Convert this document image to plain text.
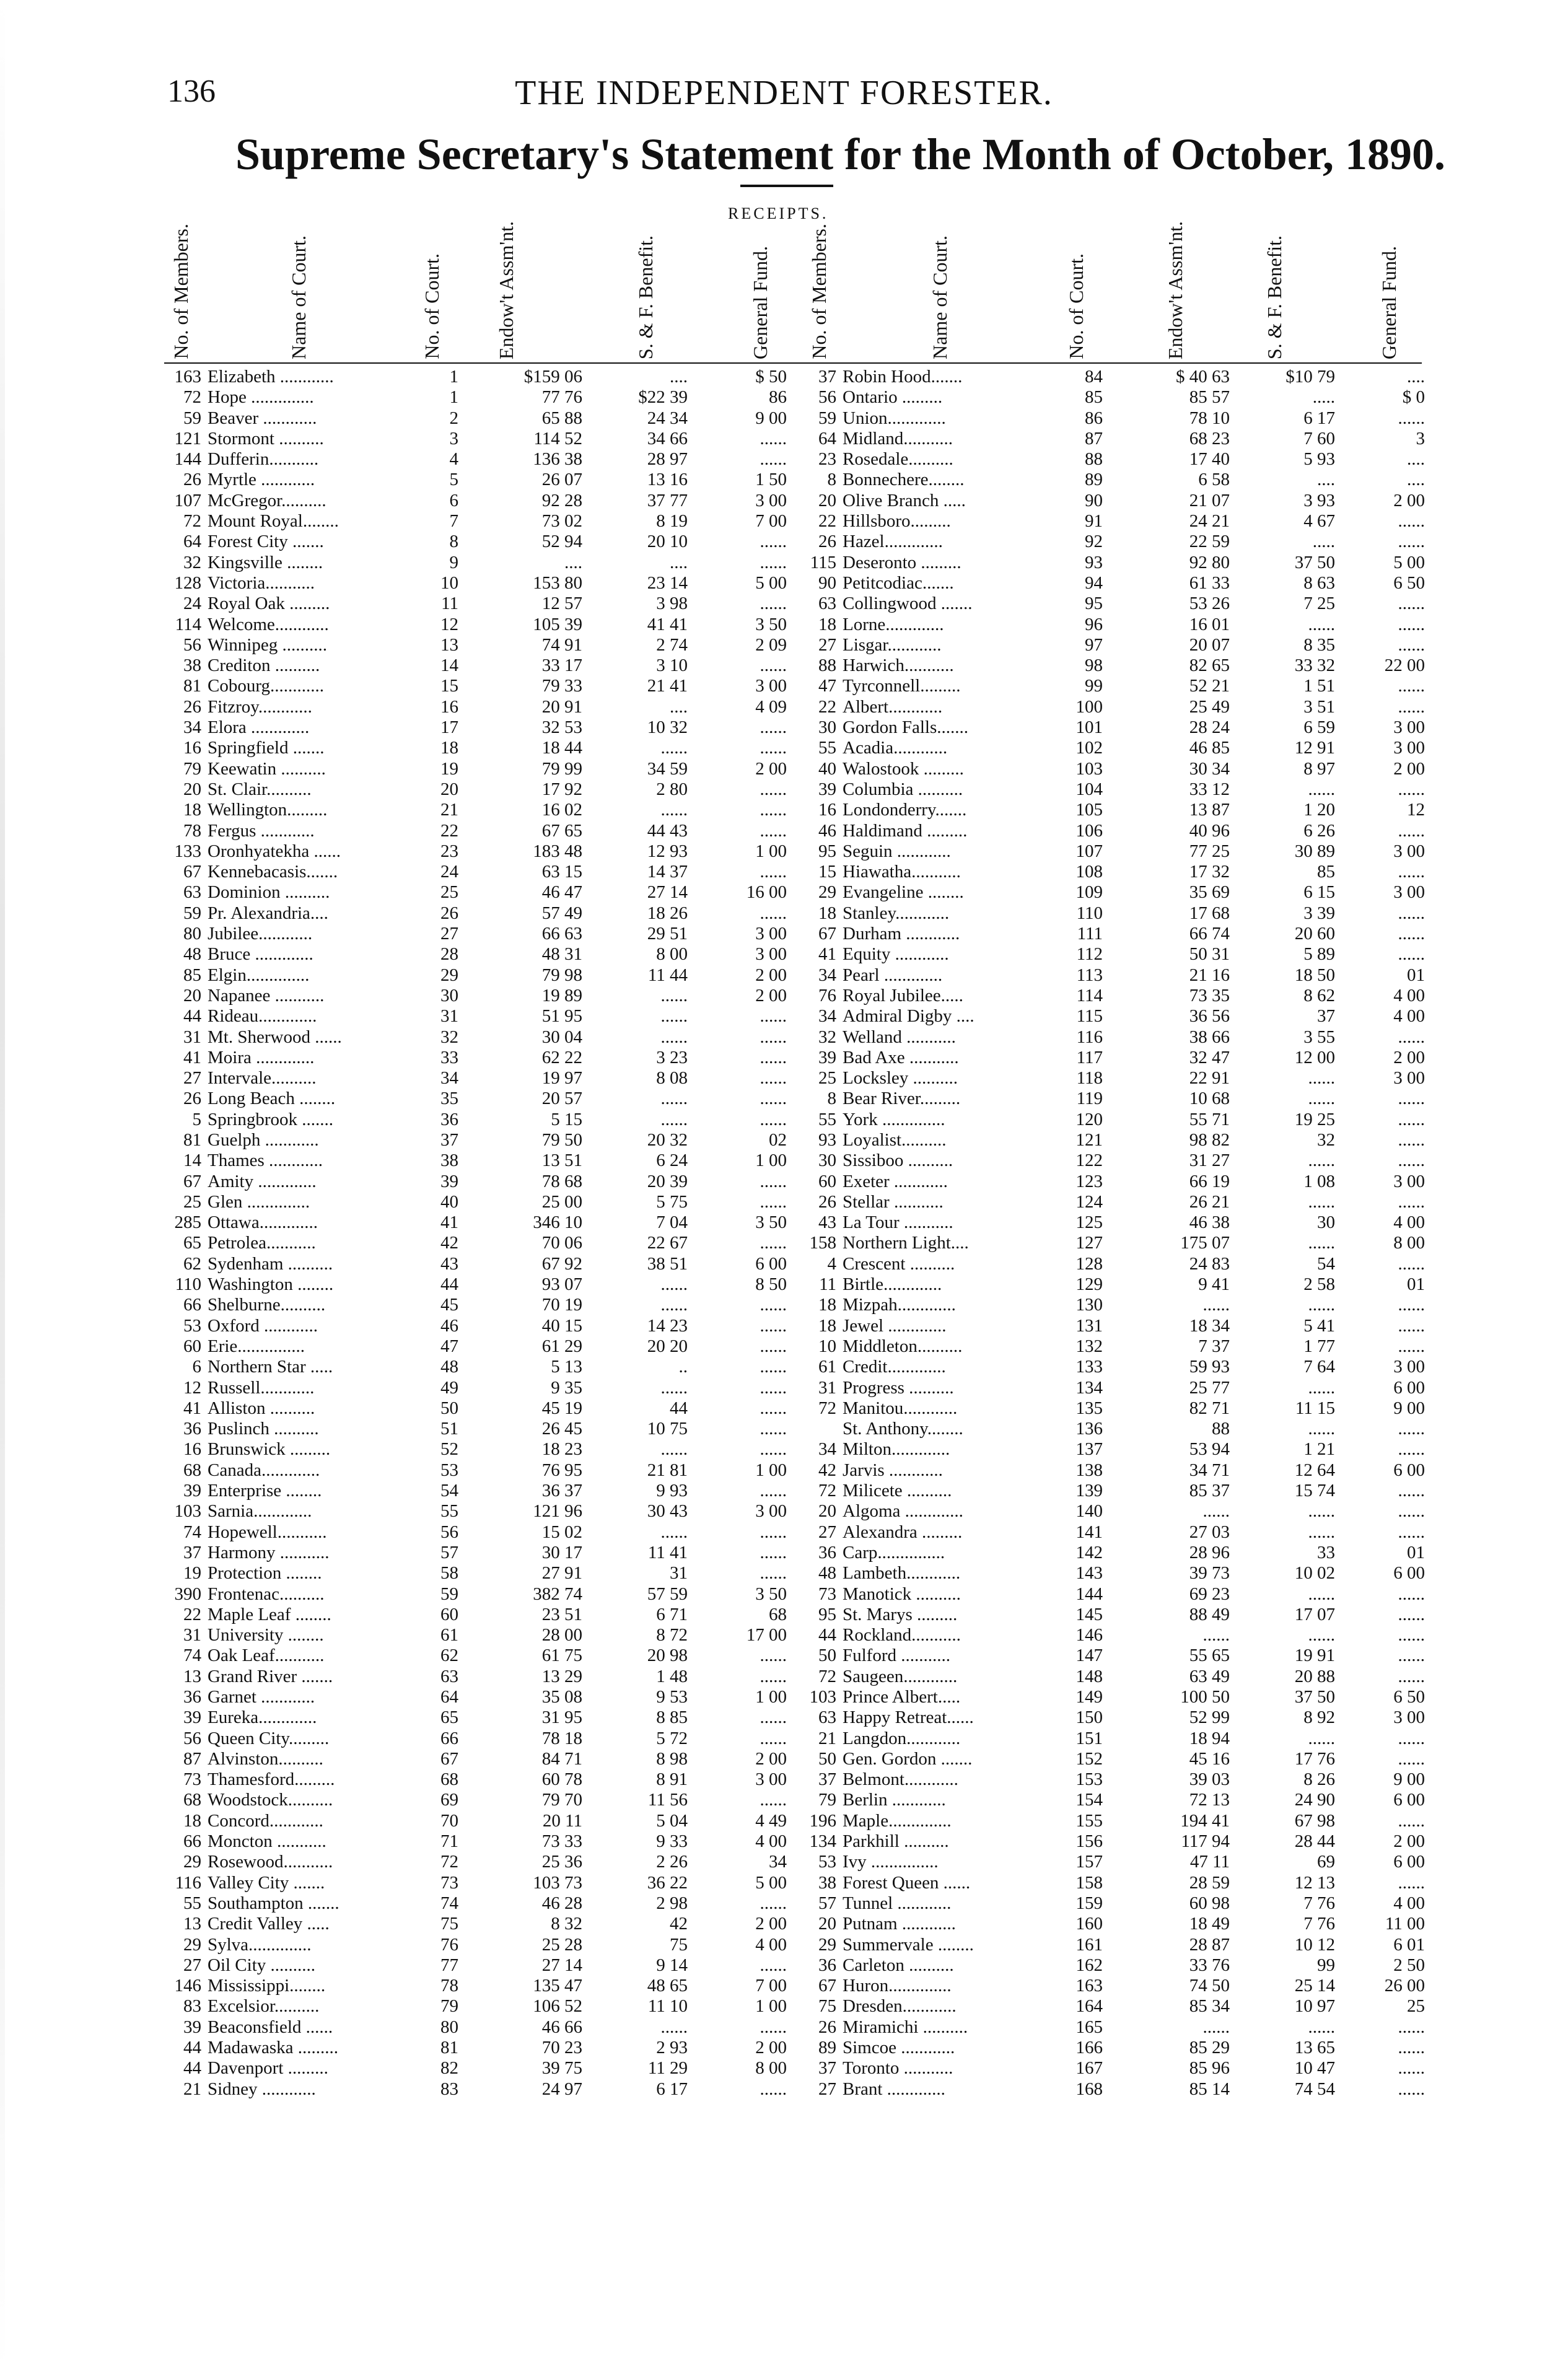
136	THE INDEPENDENT FORESTER.
Supreme Secretary's Statement for the Month of October, 1890.
RECEIPTS.
No. of Members.	Name of Court.	No. of Court.	Endow't Assm'nt.	S. & F. Benefit.	General Fund. No. of Members.	Name of Court.	No. of Court.	Endow't Assm'nt.	S. & F. Benefit.	General Fund.
163 Elizabeth ............	1	$159 06	....	$ 50	37 Robin Hood.......	84	$ 40 63	$10 79	....
72 Hope ..............	1	77 76	$22 39	86	56 Ontario .........	85	85 57	.....	$ 0
59 Beaver ............	2	65 88	24 34	9 00	59 Union.............	86	78 10	6 17	......
121 Stormont ..........	3	114 52	34 66	......	64 Midland...........	87	68 23	7 60	3
144 Dufferin...........	4	136 38	28 97	......	23 Rosedale..........	88	17 40	5 93	....
26 Myrtle ............	5	26 07	13 16	1 50	8 Bonnechere........	89	6 58	....	....
107 McGregor..........	6	92 28	37 77	3 00	20 Olive Branch .....	90	21 07	3 93	2 00
72 Mount Royal........	7	73 02	8 19	7 00	22 Hillsboro.........	91	24 21	4 67	......
64 Forest City .......	8	52 94	20 10	......	26 Hazel.............	92	22 59	.....	......
32 Kingsville ........	9	....	....	......	115 Deseronto .........	93	92 80	37 50	5 00
128 Victoria...........	10	153 80	23 14	5 00	90 Petitcodiac.......	94	61 33	8 63	6 50
24 Royal Oak .........	11	12 57	3 98	......	63 Collingwood .......	95	53 26	7 25	......
114 Welcome............	12	105 39	41 41	3 50	18 Lorne.............	96	16 01	......	......
56 Winnipeg ..........	13	74 91	2 74	2 09	27 Lisgar............	97	20 07	8 35	......
38 Crediton ..........	14	33 17	3 10	......	88 Harwich...........	98	82 65	33 32	22 00
81 Cobourg............	15	79 33	21 41	3 00	47 Tyrconnell.........	99	52 21	1 51	......
26 Fitzroy............	16	20 91	....	4 09	22 Albert............	100	25 49	3 51	......
34 Elora .............	17	32 53	10 32	......	30 Gordon Falls.......	101	28 24	6 59	3 00
16 Springfield .......	18	18 44	......	......	55 Acadia............	102	46 85	12 91	3 00
79 Keewatin ..........	19	79 99	34 59	2 00	40 Walostook .........	103	30 34	8 97	2 00
20 St. Clair..........	20	17 92	2 80	......	39 Columbia ..........	104	33 12	......	......
18 Wellington.........	21	16 02	......	......	16 Londonderry.......	105	13 87	1 20	12
78 Fergus ............	22	67 65	44 43	......	46 Haldimand .........	106	40 96	6 26	......
133 Oronhyatekha ......	23	183 48	12 93	1 00	95 Seguin ............	107	77 25	30 89	3 00
67 Kennebacasis.......	24	63 15	14 37	......	15 Hiawatha...........	108	17 32	85	......
63 Dominion ..........	25	46 47	27 14	16 00	29 Evangeline ........	109	35 69	6 15	3 00
59 Pr. Alexandria....	26	57 49	18 26	......	18 Stanley............	110	17 68	3 39	......
80 Jubilee............	27	66 63	29 51	3 00	67 Durham ............	111	66 74	20 60	......
48 Bruce .............	28	48 31	8 00	3 00	41 Equity ............	112	50 31	5 89	......
85 Elgin..............	29	79 98	11 44	2 00	34 Pearl .............	113	21 16	18 50	01
20 Napanee ...........	30	19 89	......	2 00	76 Royal Jubilee.....	114	73 35	8 62	4 00
44 Rideau.............	31	51 95	......	......	34 Admiral Digby ....	115	36 56	37	4 00
31 Mt. Sherwood ......	32	30 04	......	......	32 Welland ...........	116	38 66	3 55	......
41 Moira .............	33	62 22	3 23	......	39 Bad Axe ...........	117	32 47	12 00	2 00
27 Intervale..........	34	19 97	8 08	......	25 Locksley ..........	118	22 91	......	3 00
26 Long Beach ........	35	20 57	......	......	8 Bear River.........	119	10 68	......	......
5 Springbrook .......	36	5 15	......	......	55 York ..............	120	55 71	19 25	......
81 Guelph ............	37	79 50	20 32	02	93 Loyalist..........	121	98 82	32	......
14 Thames ............	38	13 51	6 24	1 00	30 Sissiboo ..........	122	31 27	......	......
67 Amity .............	39	78 68	20 39	......	60 Exeter ............	123	66 19	1 08	3 00
25 Glen ..............	40	25 00	5 75	......	26 Stellar ...........	124	26 21	......	......
285 Ottawa.............	41	346 10	7 04	3 50	43 La Tour ...........	125	46 38	30	4 00
65 Petrolea...........	42	70 06	22 67	......	158 Northern Light....	127	175 07	......	8 00
62 Sydenham ..........	43	67 92	38 51	6 00	4 Crescent ..........	128	24 83	54	......
110 Washington ........	44	93 07	......	8 50	11 Birtle.............	129	9 41	2 58	01
66 Shelburne..........	45	70 19	......	......	18 Mizpah.............	130	......	......	......
53 Oxford ............	46	40 15	14 23	......	18 Jewel .............	131	18 34	5 41	......
60 Erie...............	47	61 29	20 20	......	10 Middleton..........	132	7 37	1 77	......
6 Northern Star .....	48	5 13	..	......	61 Credit.............	133	59 93	7 64	3 00
12 Russell............	49	9 35	......	......	31 Progress ..........	134	25 77	......	6 00
41 Alliston ..........	50	45 19	44	......	72 Manitou............	135	82 71	11 15	9 00
36 Puslinch ..........	51	26 45	10 75	......	St. Anthony........	136	88	......	......
16 Brunswick .........	52	18 23	......	......	34 Milton.............	137	53 94	1 21	......
68 Canada.............	53	76 95	21 81	1 00	42 Jarvis ............	138	34 71	12 64	6 00
39 Enterprise ........	54	36 37	9 93	......	72 Milicete ..........	139	85 37	15 74	......
103 Sarnia.............	55	121 96	30 43	3 00	20 Algoma .............	140	......	......	......
74 Hopewell...........	56	15 02	......	......	27 Alexandra .........	141	27 03	......	......
37 Harmony ...........	57	30 17	11 41	......	36 Carp...............	142	28 96	33	01
19 Protection ........	58	27 91	31	......	48 Lambeth............	143	39 73	10 02	6 00
390 Frontenac..........	59	382 74	57 59	3 50	73 Manotick ..........	144	69 23	......	......
22 Maple Leaf ........	60	23 51	6 71	68	95 St. Marys .........	145	88 49	17 07	......
31 University ........	61	28 00	8 72	17 00	44 Rockland...........	146	......	......	......
74 Oak Leaf...........	62	61 75	20 98	......	50 Fulford ...........	147	55 65	19 91	......
13 Grand River .......	63	13 29	1 48	......	72 Saugeen............	148	63 49	20 88	......
36 Garnet ............	64	35 08	9 53	1 00	103 Prince Albert.....	149	100 50	37 50	6 50
39 Eureka.............	65	31 95	8 85	......	63 Happy Retreat......	150	52 99	8 92	3 00
56 Queen City.........	66	78 18	5 72	......	21 Langdon............	151	18 94	......	......
87 Alvinston..........	67	84 71	8 98	2 00	50 Gen. Gordon .......	152	45 16	17 76	......
73 Thamesford.........	68	60 78	8 91	3 00	37 Belmont............	153	39 03	8 26	9 00
68 Woodstock..........	69	79 70	11 56	......	79 Berlin ............	154	72 13	24 90	6 00
18 Concord............	70	20 11	5 04	4 49	196 Maple..............	155	194 41	67 98	......
66 Moncton ...........	71	73 33	9 33	4 00	134 Parkhill ..........	156	117 94	28 44	2 00
29 Rosewood...........	72	25 36	2 26	34	53 Ivy ...............	157	47 11	69	6 00
116 Valley City .......	73	103 73	36 22	5 00	38 Forest Queen ......	158	28 59	12 13	......
55 Southampton .......	74	46 28	2 98	......	57 Tunnel ............	159	60 98	7 76	4 00
13 Credit Valley .....	75	8 32	42	2 00	20 Putnam ............	160	18 49	7 76	11 00
29 Sylva..............	76	25 28	75	4 00	29 Summervale ........	161	28 87	10 12	6 01
27 Oil City ..........	77	27 14	9 14	......	36 Carleton ..........	162	33 76	99	2 50
146 Mississippi........	78	135 47	48 65	7 00	67 Huron..............	163	74 50	25 14	26 00
83 Excelsior..........	79	106 52	11 10	1 00	75 Dresden............	164	85 34	10 97	25
39 Beaconsfield ......	80	46 66	......	......	26 Miramichi ..........	165	......	......	......
44 Madawaska .........	81	70 23	2 93	2 00	89 Simcoe ............	166	85 29	13 65	......
44 Davenport .........	82	39 75	11 29	8 00	37 Toronto ...........	167	85 96	10 47	......
21 Sidney ............	83	24 97	6 17	......	27 Brant .............	168	85 14	74 54	......
